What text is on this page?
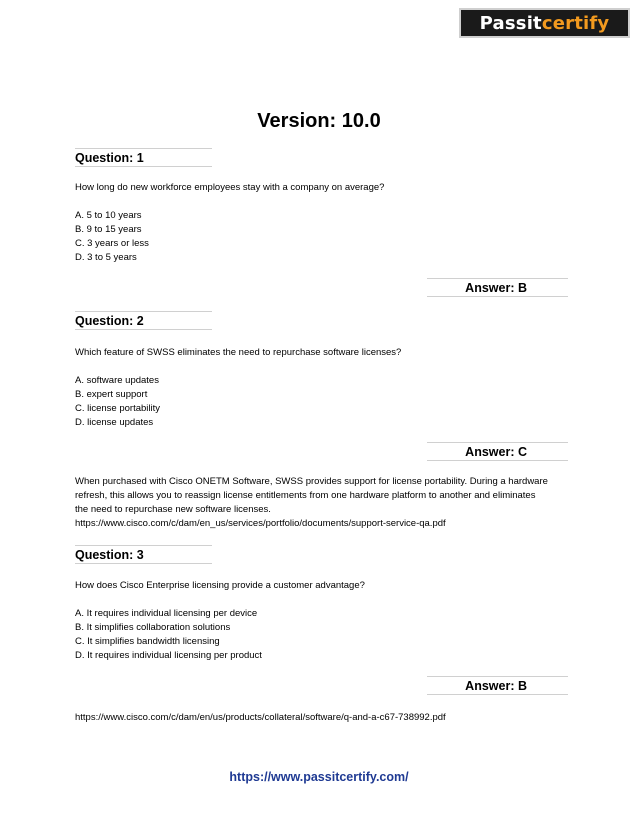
Passit certify
Version: 10.0
Question: 1
How long do new workforce employees stay with a company on average?
A. 5 to 10 years
B. 9 to 15 years
C. 3 years or less
D. 3 to 5 years
Answer: B
Question: 2
Which feature of SWSS eliminates the need to repurchase software licenses?
A. software updates
B. expert support
C. license portability
D. license updates
Answer: C
When purchased with Cisco ONETM Software, SWSS provides support for license portability. During a hardware refresh, this allows you to reassign license entitlements from one hardware platform to another and eliminates the need to repurchase new software licenses.
https://www.cisco.com/c/dam/en_us/services/portfolio/documents/support-service-qa.pdf
Question: 3
How does Cisco Enterprise licensing provide a customer advantage?
A. It requires individual licensing per device
B. It simplifies collaboration solutions
C. It simplifies bandwidth licensing
D. It requires individual licensing per product
Answer: B
https://www.cisco.com/c/dam/en/us/products/collateral/software/q-and-a-c67-738992.pdf
https://www.passitcertify.com/
